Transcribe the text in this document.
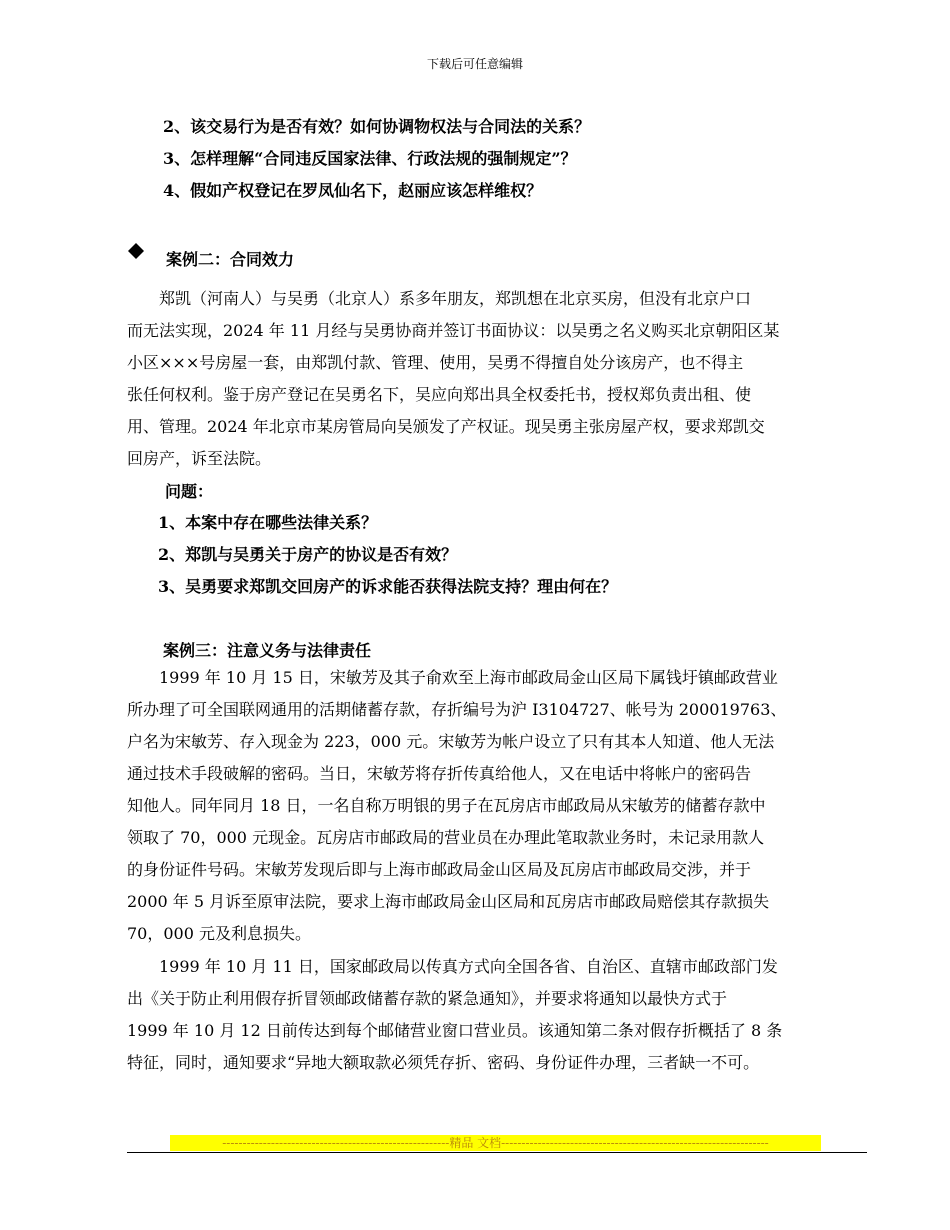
下载后可任意编辑
2、该交易行为是否有效？如何协调物权法与合同法的关系？
3、怎样理解“合同违反国家法律、行政法规的强制规定”？
4、假如产权登记在罗凤仙名下，赵丽应该怎样维权？
案例二：合同效力
　　郑凯（河南人）与吴勇（北京人）系多年朋友，郑凯想在北京买房，但没有北京户口
而无法实现，2024 年 11 月经与吴勇协商并签订书面协议：以吴勇之名义购买北京朝阳区某
小区×××号房屋一套，由郑凯付款、管理、使用，吴勇不得擅自处分该房产，也不得主
张任何权利。鉴于房产登记在吴勇名下，吴应向郑出具全权委托书，授权郑负责出租、使
用、管理。2024 年北京市某房管局向吴颁发了产权证。现吴勇主张房屋产权，要求郑凯交
回房产，诉至法院。
问题：
1、本案中存在哪些法律关系？
2、郑凯与吴勇关于房产的协议是否有效？
3、吴勇要求郑凯交回房产的诉求能否获得法院支持？理由何在？
案例三：注意义务与法律责任
　　1999 年 10 月 15 日，宋敏芳及其子俞欢至上海市邮政局金山区局下属钱圩镇邮政营业
所办理了可全国联网通用的活期储蓄存款，存折编号为沪 I3104727、帐号为 200019763、
户名为宋敏芳、存入现金为 223，000 元。宋敏芳为帐户设立了只有其本人知道、他人无法
通过技术手段破解的密码。当日，宋敏芳将存折传真给他人，又在电话中将帐户的密码告
知他人。同年同月 18 日，一名自称万明银的男子在瓦房店市邮政局从宋敏芳的储蓄存款中
领取了 70，000 元现金。瓦房店市邮政局的营业员在办理此笔取款业务时，未记录用款人
的身份证件号码。宋敏芳发现后即与上海市邮政局金山区局及瓦房店市邮政局交涉，并于
2000 年 5 月诉至原审法院，要求上海市邮政局金山区局和瓦房店市邮政局赔偿其存款损失
70，000 元及利息损失。
　　1999 年 10 月 11 日，国家邮政局以传真方式向全国各省、自治区、直辖市邮政部门发
出《关于防止利用假存折冒领邮政储蓄存款的紧急通知》，并要求将通知以最快方式于
1999 年 10 月 12 日前传达到每个邮储营业窗口营业员。该通知第二条对假存折概括了 8 条
特征，同时，通知要求“异地大额取款必须凭存折、密码、身份证件办理，三者缺一不可。
--------------------------------------------------------精品 文档------------------------------------------------------------------
